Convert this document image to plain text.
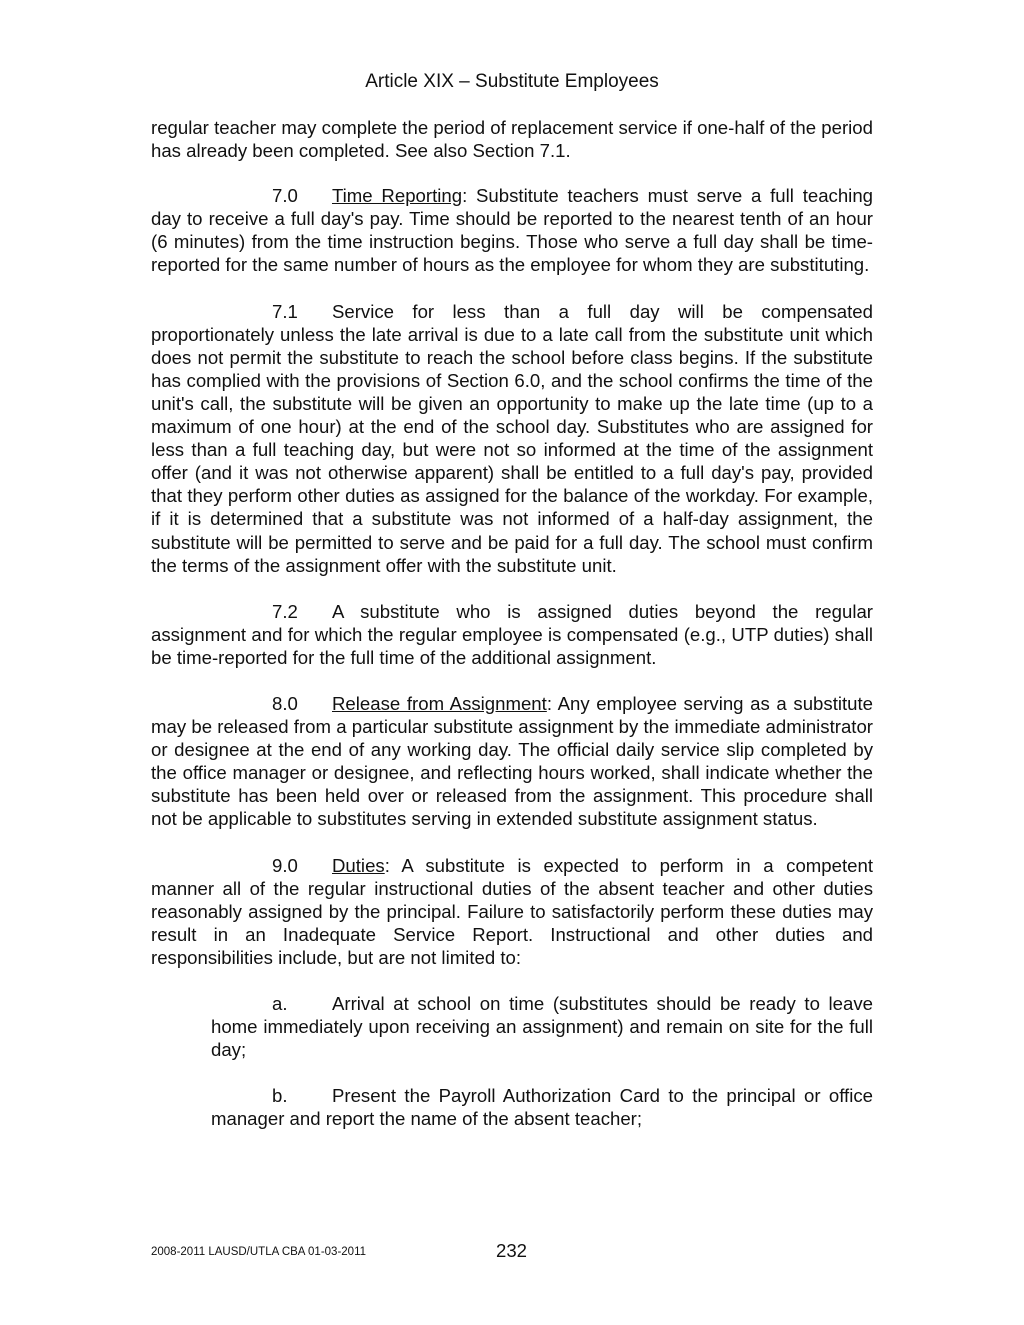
Article XIX – Substitute Employees

regular teacher may complete the period of replacement service if one-half of the period has already been completed. See also Section 7.1.

7.0 Time Reporting: Substitute teachers must serve a full teaching day to receive a full day's pay. Time should be reported to the nearest tenth of an hour (6 minutes) from the time instruction begins. Those who serve a full day shall be time-reported for the same number of hours as the employee for whom they are substituting.

7.1 Service for less than a full day will be compensated proportionately unless the late arrival is due to a late call from the substitute unit which does not permit the substitute to reach the school before class begins. If the substitute has complied with the provisions of Section 6.0, and the school confirms the time of the unit's call, the substitute will be given an opportunity to make up the late time (up to a maximum of one hour) at the end of the school day. Substitutes who are assigned for less than a full teaching day, but were not so informed at the time of the assignment offer (and it was not otherwise apparent) shall be entitled to a full day's pay, provided that they perform other duties as assigned for the balance of the workday. For example, if it is determined that a substitute was not informed of a half-day assignment, the substitute will be permitted to serve and be paid for a full day. The school must confirm the terms of the assignment offer with the substitute unit.

7.2 A substitute who is assigned duties beyond the regular assignment and for which the regular employee is compensated (e.g., UTP duties) shall be time-reported for the full time of the additional assignment.

8.0 Release from Assignment: Any employee serving as a substitute may be released from a particular substitute assignment by the immediate administrator or designee at the end of any working day. The official daily service slip completed by the office manager or designee, and reflecting hours worked, shall indicate whether the substitute has been held over or released from the assignment. This procedure shall not be applicable to substitutes serving in extended substitute assignment status.

9.0 Duties: A substitute is expected to perform in a competent manner all of the regular instructional duties of the absent teacher and other duties reasonably assigned by the principal. Failure to satisfactorily perform these duties may result in an Inadequate Service Report. Instructional and other duties and responsibilities include, but are not limited to:

a. Arrival at school on time (substitutes should be ready to leave home immediately upon receiving an assignment) and remain on site for the full day;

b. Present the Payroll Authorization Card to the principal or office manager and report the name of the absent teacher;

2008-2011 LAUSD/UTLA CBA 01-03-2011	232
